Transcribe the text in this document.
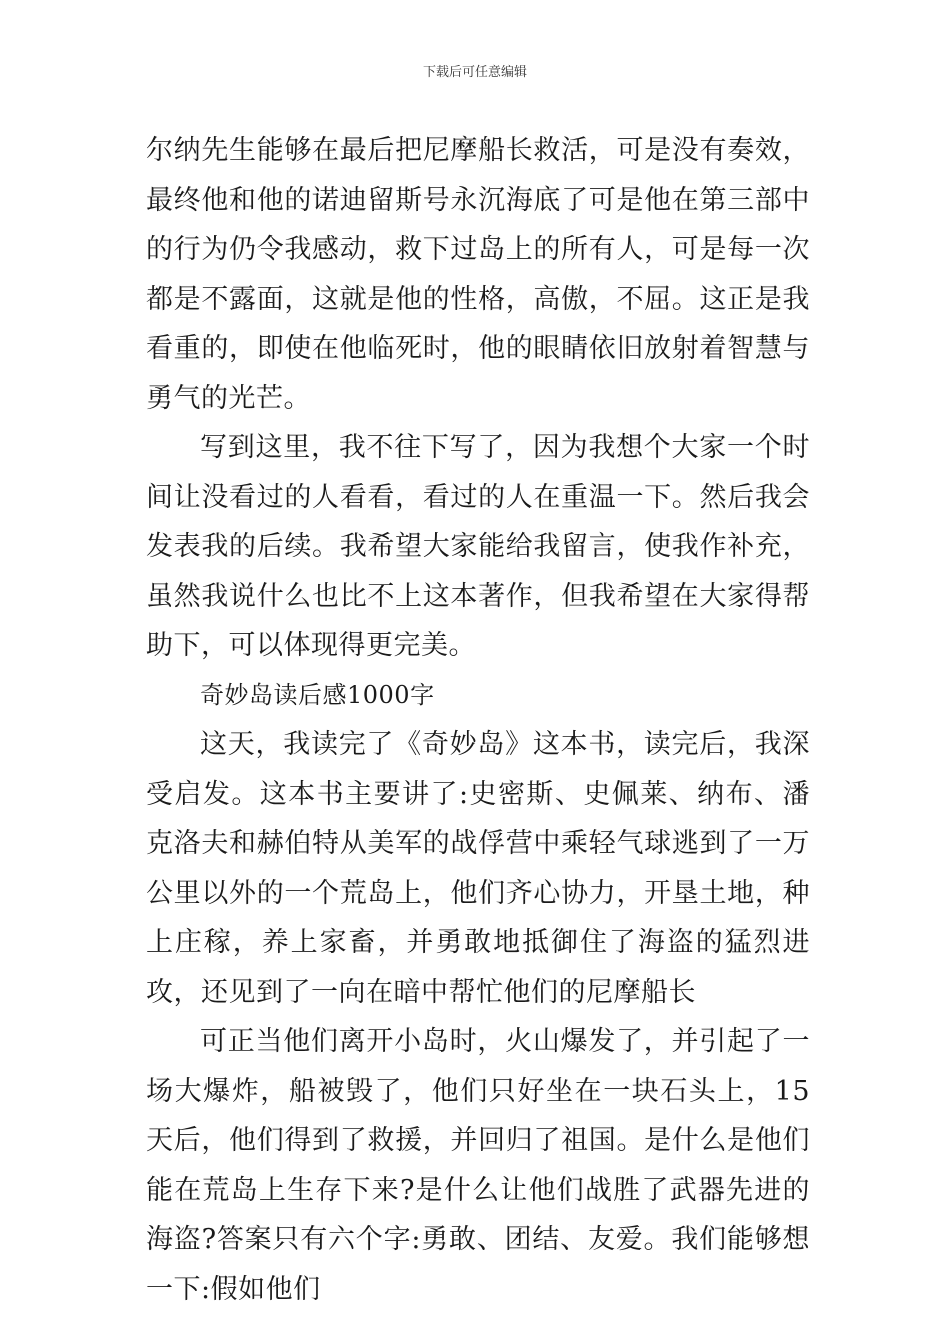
下载后可任意编辑

尔纳先生能够在最后把尼摩船长救活，可是没有奏效，最终他和他的诺迪留斯号永沉海底了可是他在第三部中的行为仍令我感动，救下过岛上的所有人，可是每一次都是不露面，这就是他的性格，高傲，不屈。这正是我看重的，即使在他临死时，他的眼睛依旧放射着智慧与勇气的光芒。

写到这里，我不往下写了，因为我想个大家一个时间让没看过的人看看，看过的人在重温一下。然后我会发表我的后续。我希望大家能给我留言，使我作补充，虽然我说什么也比不上这本著作，但我希望在大家得帮助下，可以体现得更完美。

奇妙岛读后感1000字

这天，我读完了《奇妙岛》这本书，读完后，我深受启发。这本书主要讲了:史密斯、史佩莱、纳布、潘克洛夫和赫伯特从美军的战俘营中乘轻气球逃到了一万公里以外的一个荒岛上，他们齐心协力，开垦土地，种上庄稼，养上家畜，并勇敢地抵御住了海盗的猛烈进攻，还见到了一向在暗中帮忙他们的尼摩船长

可正当他们离开小岛时，火山爆发了，并引起了一场大爆炸，船被毁了，他们只好坐在一块石头上，15天后，他们得到了救援，并回归了祖国。是什么是他们能在荒岛上生存下来?是什么让他们战胜了武器先进的海盗?答案只有六个字:勇敢、团结、友爱。我们能够想一下:假如他们
